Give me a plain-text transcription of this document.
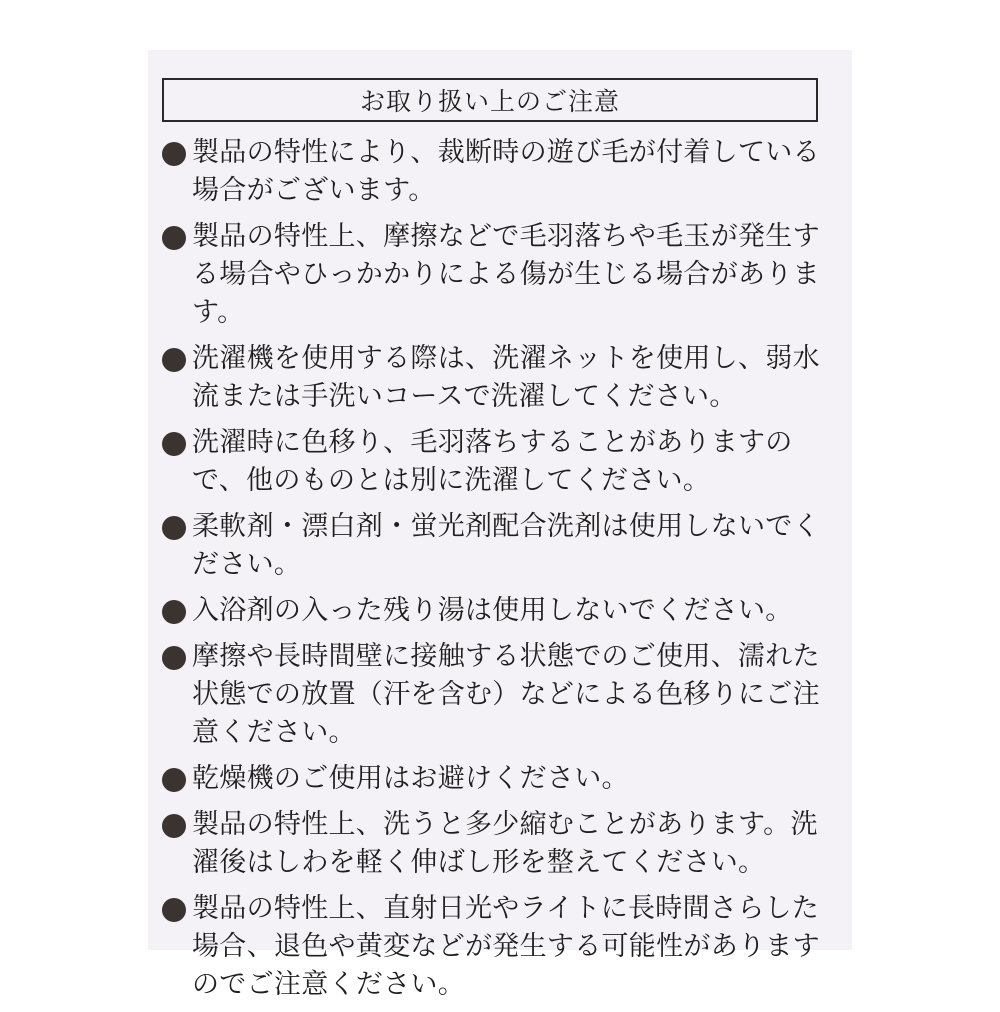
お取り扱い上のご注意
製品の特性により、裁断時の遊び毛が付着している場合がございます。
製品の特性上、摩擦などで毛羽落ちや毛玉が発生する場合やひっかかりによる傷が生じる場合があります。
洗濯機を使用する際は、洗濯ネットを使用し、弱水流または手洗いコースで洗濯してください。
洗濯時に色移り、毛羽落ちすることがありますので、他のものとは別に洗濯してください。
柔軟剤・漂白剤・蛍光剤配合洗剤は使用しないでください。
入浴剤の入った残り湯は使用しないでください。
摩擦や長時間壁に接触する状態でのご使用、濡れた状態での放置（汗を含む）などによる色移りにご注意ください。
乾燥機のご使用はお避けください。
製品の特性上、洗うと多少縮むことがあります。洗濯後はしわを軽く伸ばし形を整えてください。
製品の特性上、直射日光やライトに長時間さらした場合、退色や黄変などが発生する可能性がありますのでご注意ください。
